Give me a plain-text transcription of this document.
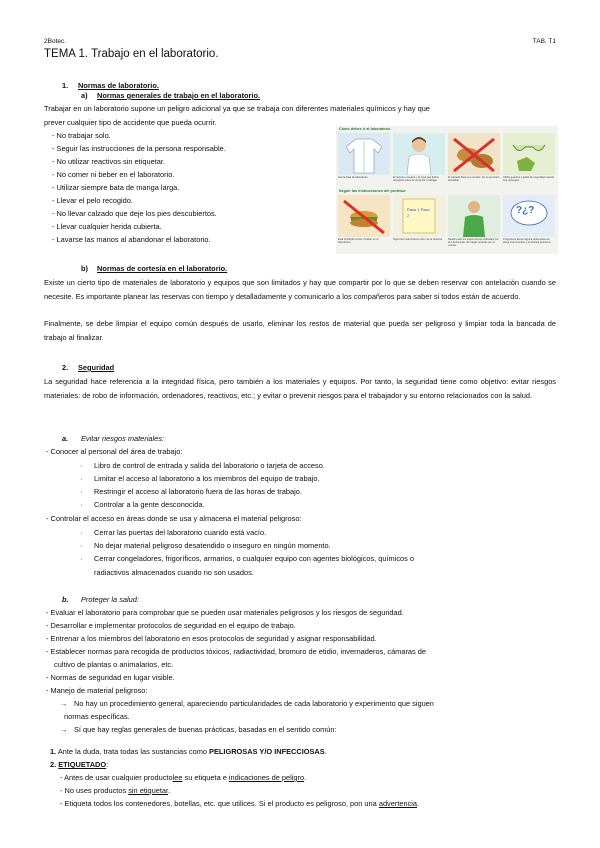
2Botec.	TAB. T1
TEMA 1. Trabajo en el laboratorio.
1. Normas de laboratorio.
a) Normas generales de trabajo en el laboratorio.
Trabajar en un laboratorio supone un peligro adicional ya que se trabaja con diferentes materiales químicos y hay que
prever cualquier tipo de accidente que pueda ocurrir.
- No trabajar solo.
- Seguir las instrucciones de la persona responsable.
- No utilizar reactivos sin etiquetar.
- No comer ni beber en el laboratorio.
- Utilizar siempre bata de manga larga.
- Llevar el pelo recogido.
- No llevar calzado que deje los pies descubiertos.
- Llevar cualquier herida cubierta.
- Lavarse las manos al abandonar el laboratorio.
Cómo debes ir al laboratorio
Usa la bata de laboratorio.	El recurso el cuarto y la ropa que debes recogerlo antes de empezar a trabajar.
El calzado debe ser cerrado. No se permiten sandalias.
Utiliza guantes y gafas de seguridad cuando sea necesario.
Seguir las instrucciones del profesor
Paso 1 Paso 2	?¿?
Está prohibido comer o beber en el laboratorio.
Sigue las instrucciones del o de la docente.	Realiza solo los experimentos indicados por el o la docente. No hagas pruebas por tu cuenta.
Pregunta si tienes alguna duda antes de elegir instrumentos o productos químicos.
b) Normas de cortesía en el laboratorio.
Existe un cierto tipo de materiales de laboratorio y equipos que son limitados y hay que compartir por lo que se deben reservar con antelación cuando se necesite. Es importante planear las reservas con tiempo y detalladamente y comunicarlo a los compañeros para saber si todos están de acuerdo.
Finalmente, se debe limpiar el equipo común después de usarlo, eliminar los restos de material que pueda ser peligroso y limpiar toda la bancada de trabajo al finalizar.
2. Seguridad
La seguridad hace referencia a la integridad física, pero también a los materiales y equipos. Por tanto, la seguridad tiene como objetivo: evitar riesgos materiales: de robo de información, ordenadores, reactivos, etc.; y evitar o prevenir riesgos para el trabajador y su entorno relacionados con la salud.
a. Evitar riesgos materiales:
- Conocer al personal del área de trabajo:
· Libro de control de entrada y salida del laboratorio o tarjeta de acceso.
· Limitar el acceso al laboratorio a los miembros del equipo de trabajo.
· Restringir el acceso al laboratorio fuera de las horas de trabajo.
· Controlar a la gente desconocida.
- Controlar el acceso en áreas donde se usa y almacena el material peligroso:
· Cerrar las puertas del laboratorio cuando está vacío.
· No dejar material peligroso desatendido o inseguro en ningún momento.
· Cerrar congeladores, frigoríficos, armarios, o cualquier equipo con agentes biológicos, químicos o
radiactivos almacenados cuando no son usados.
b. Proteger la salud:
- Evaluar el laboratorio para comprobar que se pueden usar materiales peligrosos y los riesgos de seguridad.
- Desarrollar e implementar protocolos de seguridad en el equipo de trabajo.
- Entrenar a los miembros del laboratorio en esos protocolos de seguridad y asignar responsabilidad.
- Establecer normas para recogida de productos tóxicos, radiactividad, bromuro de etidio, invernaderos, cámaras de
cultivo de plantas o animalarios, etc.
- Normas de seguridad en lugar visible.
- Manejo de material peligroso:
→ No hay un procedimiento general, apareciendo particularidades de cada laboratorio y experimento que siguen
normas específicas.
→ Sí que hay reglas generales de buenas prácticas, basadas en el sentido común:
1. Ante la duda, trata todas las sustancias como PELIGROSAS Y/O INFECCIOSAS.
2. ETIQUETADO:
- Antes de usar cualquier productolee su etiqueta e indicaciones de peligro.
- No uses productos sin etiquetar.
- Etiqueta todos los contenedores, botellas, etc. que utilices. Si el producto es peligroso, pon una advertencia.
